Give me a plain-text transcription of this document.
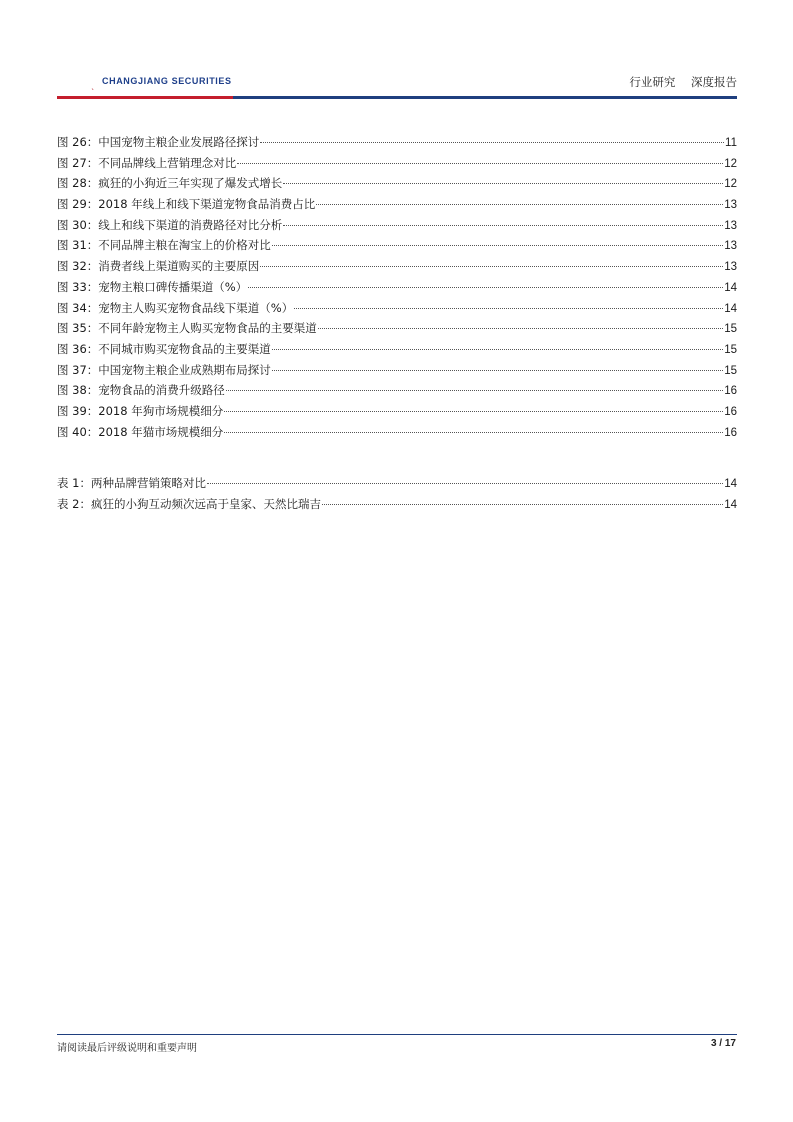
ˎ CHANGJIANG SECURITIES	行业研究 深度报告
图 26：中国宠物主粮企业发展路径探讨	11
图 27：不同品牌线上营销理念对比	12
图 28：疯狂的小狗近三年实现了爆发式增长	12
图 29：2018 年线上和线下渠道宠物食品消费占比	13
图 30：线上和线下渠道的消费路径对比分析	13
图 31：不同品牌主粮在淘宝上的价格对比	13
图 32：消费者线上渠道购买的主要原因	13
图 33：宠物主粮口碑传播渠道（%）	14
图 34：宠物主人购买宠物食品线下渠道（%）	14
图 35：不同年龄宠物主人购买宠物食品的主要渠道	15
图 36：不同城市购买宠物食品的主要渠道	15
图 37：中国宠物主粮企业成熟期布局探讨	15
图 38：宠物食品的消费升级路径	16
图 39：2018 年狗市场规模细分	16
图 40：2018 年猫市场规模细分	16
表 1：两种品牌营销策略对比	14
表 2：疯狂的小狗互动频次远高于皇家、天然比瑞吉	14
请阅读最后评级说明和重要声明	3 / 17
